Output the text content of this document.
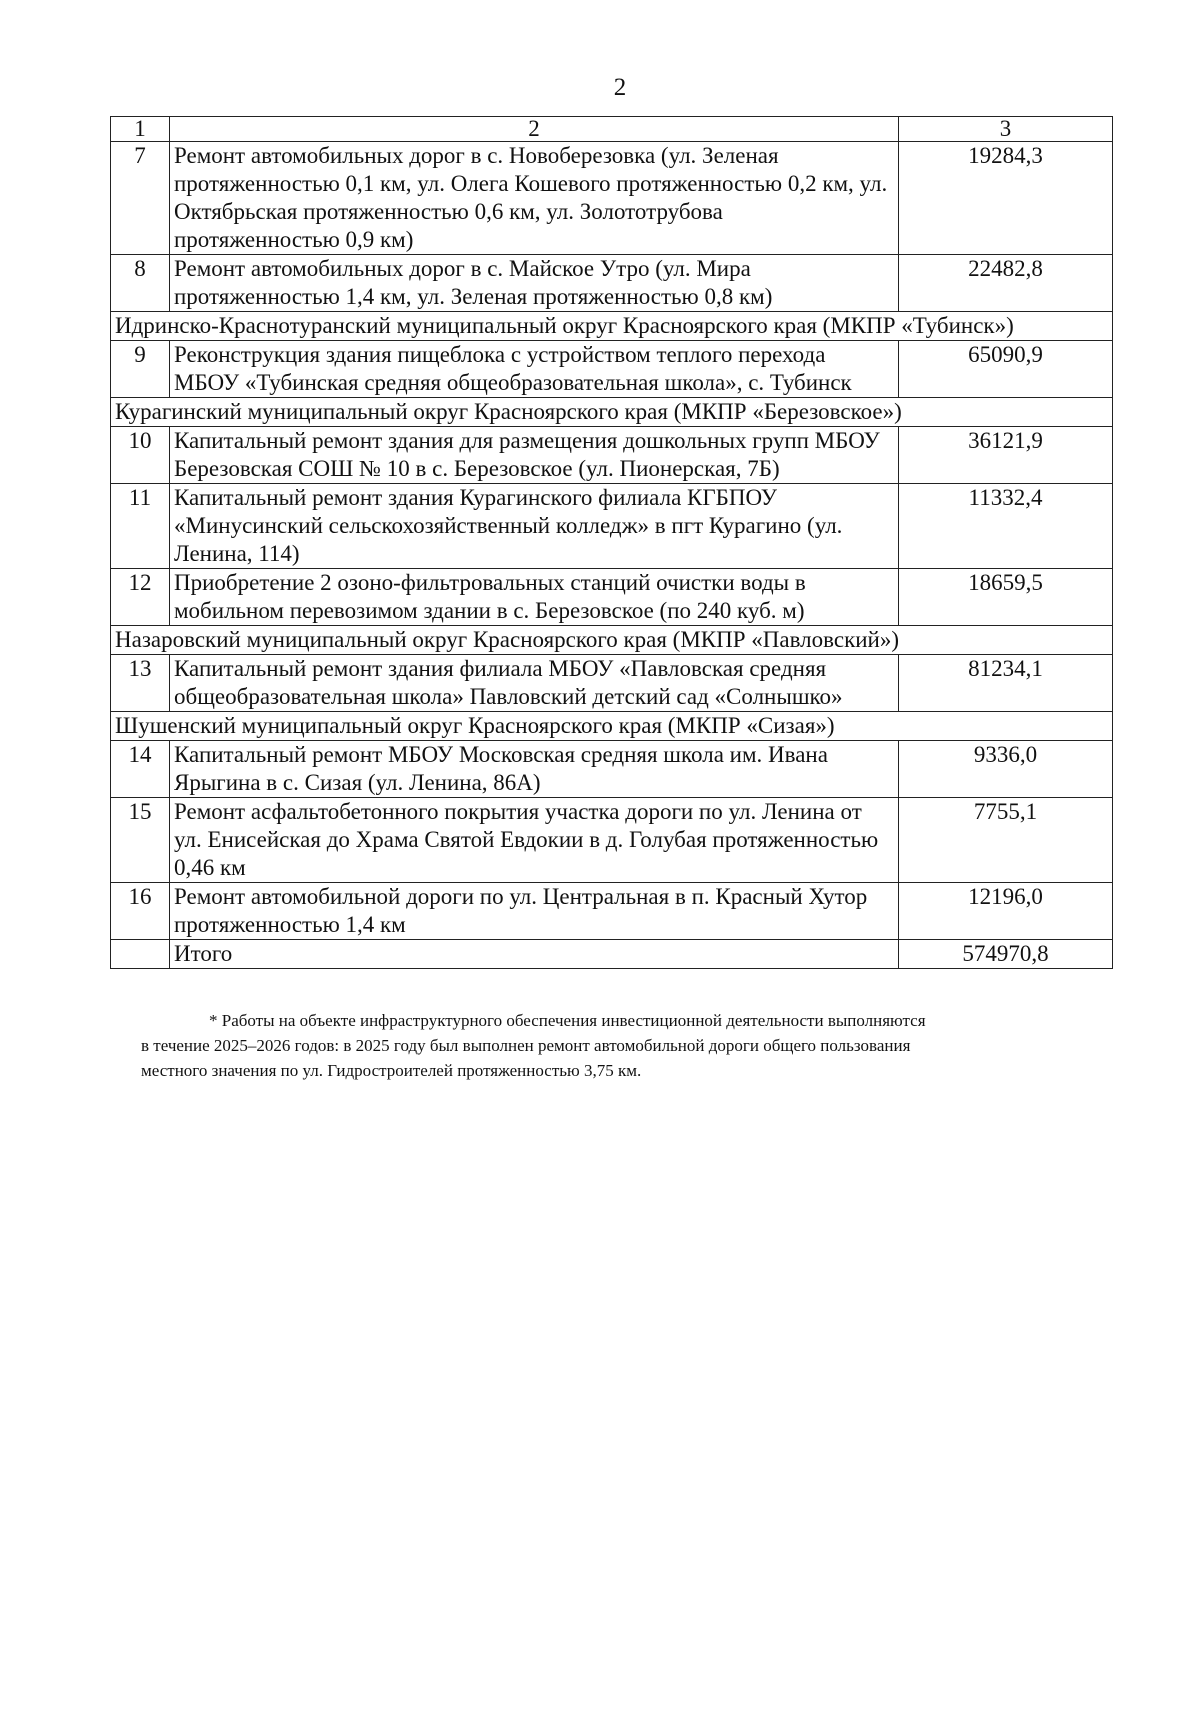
2
1	2	3
7	Ремонт автомобильных дорог в с. Новоберезовка (ул. Зеленая протяженностью 0,1 км, ул. Олега Кошевого протяженностью 0,2 км, ул. Октябрьская протяженностью 0,6 км, ул. Золототрубова протяженностью 0,9 км)	19284,3
8	Ремонт автомобильных дорог в с. Майское Утро (ул. Мира протяженностью 1,4 км, ул. Зеленая протяженностью 0,8 км)	22482,8
Идринско-Краснотуранский муниципальный округ Красноярского края (МКПР «Тубинск»)		
9	Реконструкция здания пищеблока с устройством теплого перехода МБОУ «Тубинская средняя общеобразовательная школа», с. Тубинск	65090,9
Курагинский муниципальный округ Красноярского края (МКПР «Березовское»)		
10	Капитальный ремонт здания для размещения дошкольных групп МБОУ Березовская СОШ № 10 в с. Березовское (ул. Пионерская, 7Б)	36121,9
11	Капитальный ремонт здания Курагинского филиала КГБПОУ «Минусинский сельскохозяйственный колледж» в пгт Курагино (ул. Ленина, 114)	11332,4
12	Приобретение 2 озоно-фильтровальных станций очистки воды в мобильном перевозимом здании в с. Березовское (по 240 куб. м)	18659,5
Назаровский муниципальный округ Красноярского края (МКПР «Павловский»)		
13	Капитальный ремонт здания филиала МБОУ «Павловская средняя общеобразовательная школа» Павловский детский сад «Солнышко»	81234,1
Шушенский муниципальный округ Красноярского края (МКПР «Сизая»)		
14	Капитальный ремонт МБОУ Московская средняя школа им. Ивана Ярыгина в с. Сизая (ул. Ленина, 86А)	9336,0
15	Ремонт асфальтобетонного покрытия участка дороги по ул. Ленина от ул. Енисейская до Храма Святой Евдокии в д. Голубая протяженностью 0,46 км	7755,1
16	Ремонт автомобильной дороги по ул. Центральная в п. Красный Хутор протяженностью 1,4 км	12196,0
	Итого	574970,8
* Работы на объекте инфраструктурного обеспечения инвестиционной деятельности выполняются
в течение 2025–2026 годов: в 2025 году был выполнен ремонт автомобильной дороги общего пользования
местного значения по ул. Гидростроителей протяженностью 3,75 км.
